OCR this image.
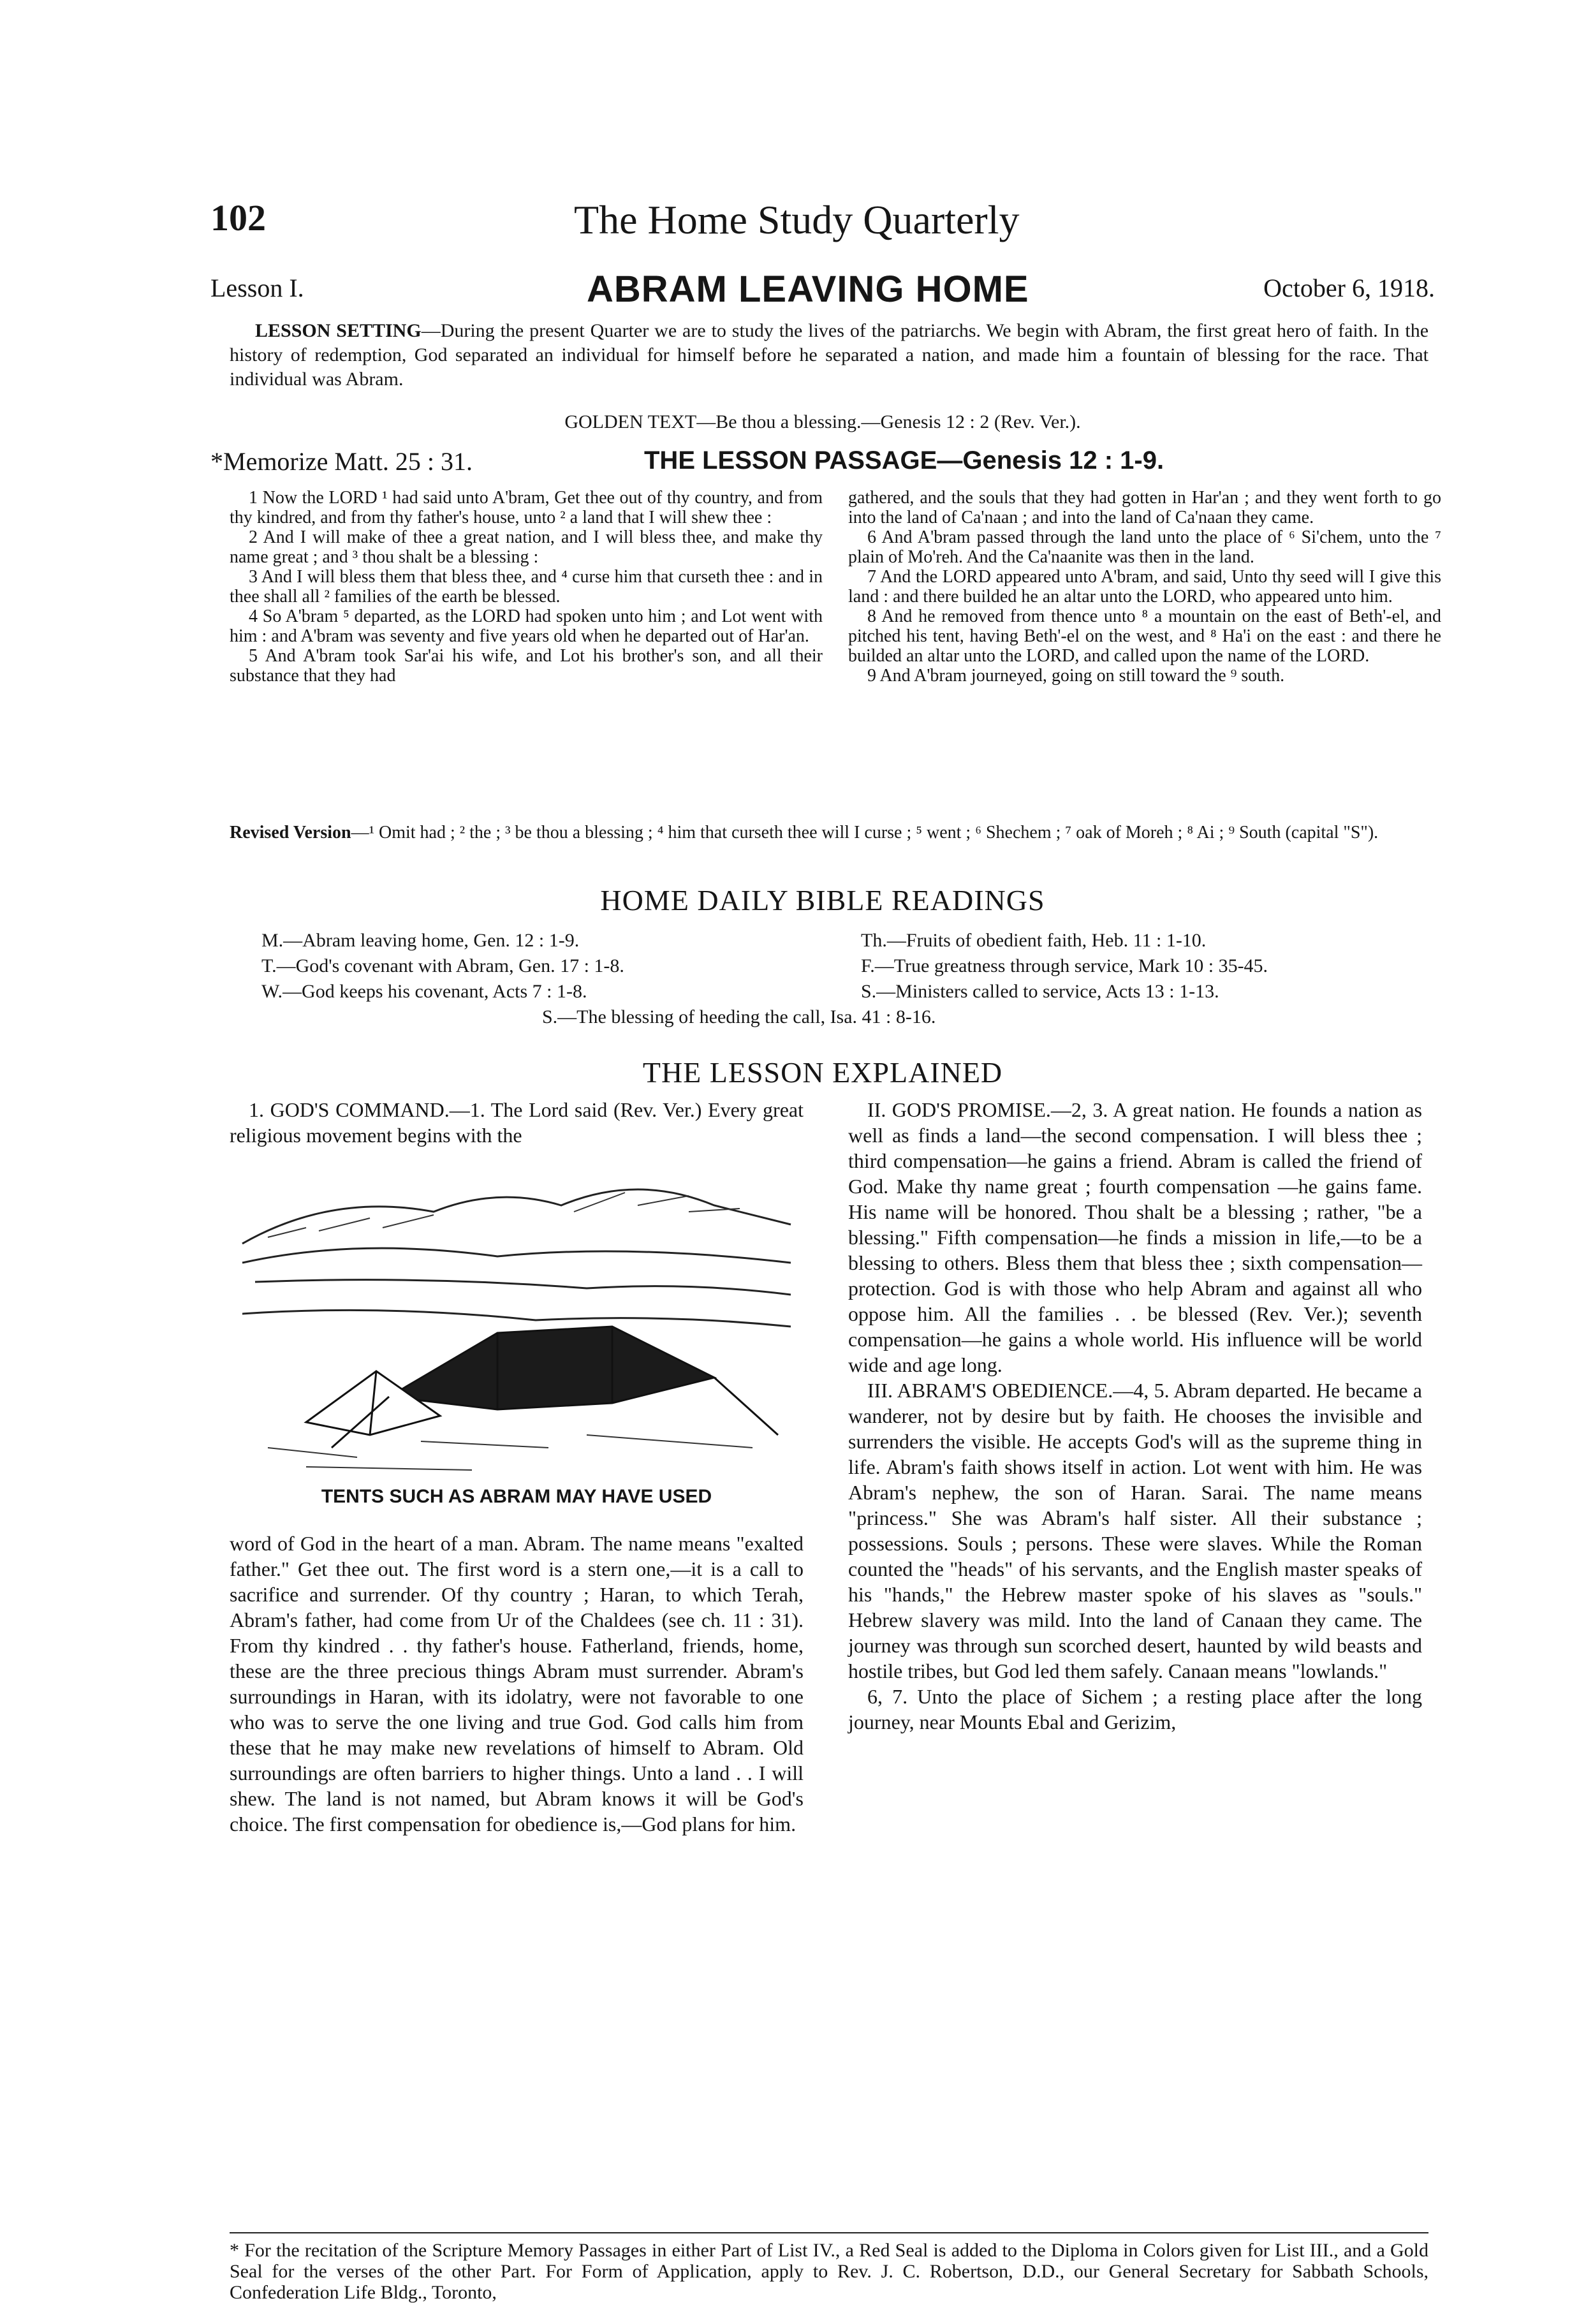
102	The Home Study Quarterly
Lesson I.	ABRAM LEAVING HOME	October 6, 1918.
LESSON SETTING—During the present Quarter we are to study the lives of the patriarchs. We begin with Abram, the first great hero of faith. In the history of redemption, God separated an individual for himself before he separated a nation, and made him a fountain of blessing for the race. That individual was Abram.
GOLDEN TEXT—Be thou a blessing.—Genesis 12 : 2 (Rev. Ver.).
*Memorize Matt. 25 : 31.	THE LESSON PASSAGE—Genesis 12 : 1-9.

1 Now the LORD ¹ had said unto A'bram, Get thee out of thy country, and from thy kindred, and from thy father's house, unto ² a land that I will shew thee :

2 And I will make of thee a great nation, and I will bless thee, and make thy name great ; and ³ thou shalt be a blessing :

3 And I will bless them that bless thee, and ⁴ curse him that curseth thee : and in thee shall all ² families of the earth be blessed.

4 So A'bram ⁵ departed, as the LORD had spoken unto him ; and Lot went with him : and A'bram was seventy and five years old when he departed out of Har'an.

5 And A'bram took Sar'ai his wife, and Lot his brother's son, and all their substance that they had

gathered, and the souls that they had gotten in Har'an ; and they went forth to go into the land of Ca'naan ; and into the land of Ca'naan they came.

6 And A'bram passed through the land unto the place of ⁶ Si'chem, unto the ⁷ plain of Mo'reh. And the Ca'naanite was then in the land.

7 And the LORD appeared unto A'bram, and said, Unto thy seed will I give this land : and there builded he an altar unto the LORD, who appeared unto him.

8 And he removed from thence unto ⁸ a mountain on the east of Beth'-el, and pitched his tent, having Beth'-el on the west, and ⁸ Ha'i on the east : and there he builded an altar unto the LORD, and called upon the name of the LORD.

9 And A'bram journeyed, going on still toward the ⁹ south.

Revised Version—¹ Omit had ; ² the ; ³ be thou a blessing ; ⁴ him that curseth thee will I curse ; ⁵ went ; ⁶ Shechem ; ⁷ oak of Moreh ; ⁸ Ai ; ⁹ South (capital "S").
HOME DAILY BIBLE READINGS
M.—Abram leaving home, Gen. 12 : 1-9.
T.—God's covenant with Abram, Gen. 17 : 1-8.
W.—God keeps his covenant, Acts 7 : 1-8.
Th.—Fruits of obedient faith, Heb. 11 : 1-10.
F.—True greatness through service, Mark 10 : 35-45.
S.—Ministers called to service, Acts 13 : 1-13.
S.—The blessing of heeding the call, Isa. 41 : 8-16.
THE LESSON EXPLAINED

1. GOD'S COMMAND.—1. The Lord said (Rev. Ver.) Every great religious movement begins with the

TENTS SUCH AS ABRAM MAY HAVE USED

word of God in the heart of a man. Abram. The name means "exalted father." Get thee out. The first word is a stern one,—it is a call to sacrifice and surrender. Of thy country ; Haran, to which Terah, Abram's father, had come from Ur of the Chaldees (see ch. 11 : 31). From thy kindred . . thy father's house. Fatherland, friends, home, these are the three precious things Abram must surrender. Abram's surroundings in Haran, with its idolatry, were not favorable to one who was to serve the one living and true God. God calls him from these that he may make new revelations of himself to Abram. Old surroundings are often barriers to higher things. Unto a land . . I will shew. The land is not named, but Abram knows it will be God's choice. The first compensation for obedience is,—God plans for him.

II. GOD'S PROMISE.—2, 3. A great nation. He founds a nation as well as finds a land—the second compensation. I will bless thee ; third compensation—he gains a friend. Abram is called the friend of God. Make thy name great ; fourth compensation —he gains fame. His name will be honored. Thou shalt be a blessing ; rather, "be a blessing." Fifth compensation—he finds a mission in life,—to be a blessing to others. Bless them that bless thee ; sixth compensation—protection. God is with those who help Abram and against all who oppose him. All the families . . be blessed (Rev. Ver.); seventh compensation—he gains a whole world. His influence will be world wide and age long.

III. ABRAM'S OBEDIENCE.—4, 5. Abram departed. He became a wanderer, not by desire but by faith. He chooses the invisible and surrenders the visible. He accepts God's will as the supreme thing in life. Abram's faith shows itself in action. Lot went with him. He was Abram's nephew, the son of Haran. Sarai. The name means "princess." She was Abram's half sister. All their substance ; possessions. Souls ; persons. These were slaves. While the Roman counted the "heads" of his servants, and the English master speaks of his "hands," the Hebrew master spoke of his slaves as "souls." Hebrew slavery was mild. Into the land of Canaan they came. The journey was through sun scorched desert, haunted by wild beasts and hostile tribes, but God led them safely. Canaan means "lowlands."

6, 7. Unto the place of Sichem ; a resting place after the long journey, near Mounts Ebal and Gerizim,

* For the recitation of the Scripture Memory Passages in either Part of List IV., a Red Seal is added to the Diploma in Colors given for List III., and a Gold Seal for the verses of the other Part. For Form of Application, apply to Rev. J. C. Robertson, D.D., our General Secretary for Sabbath Schools, Confederation Life Bldg., Toronto,
